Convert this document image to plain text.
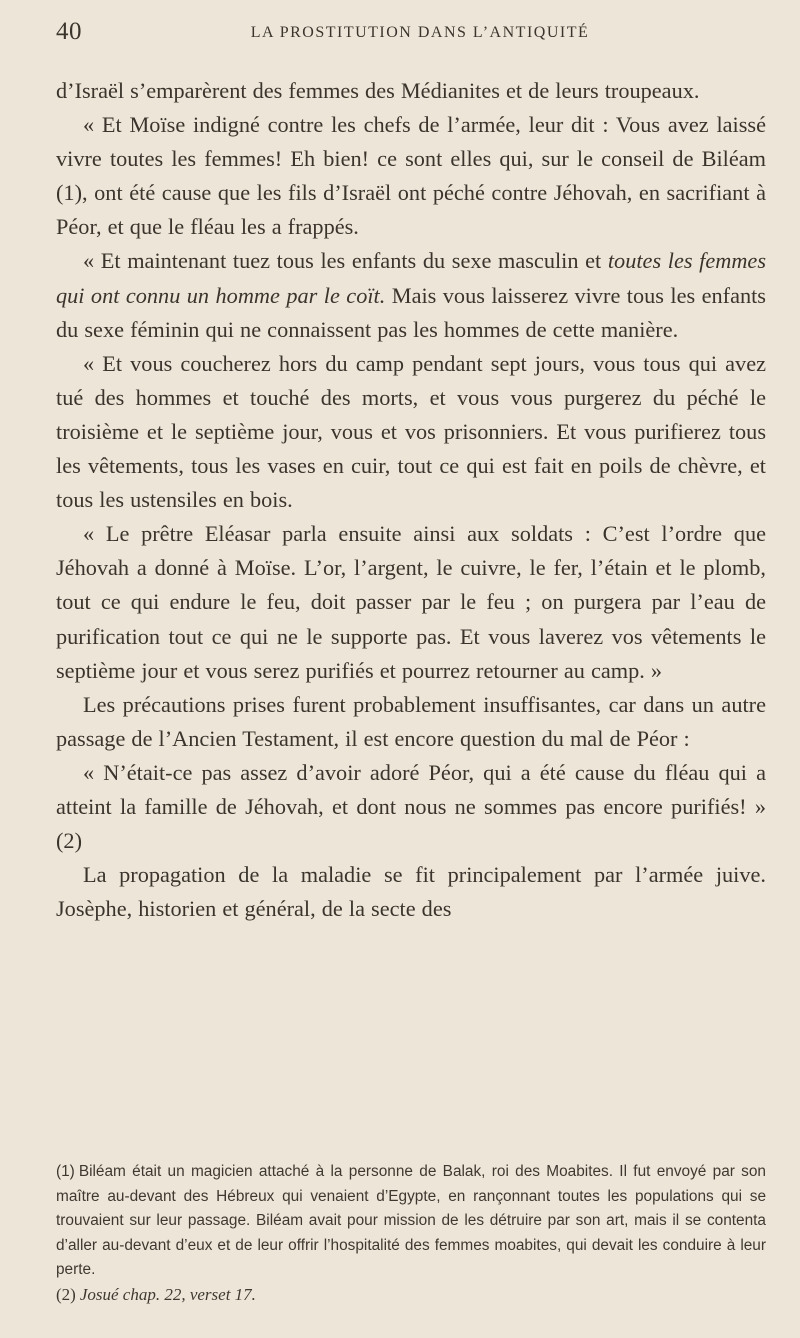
40	LA PROSTITUTION DANS L’ANTIQUITÉ

d’Israël s’emparèrent des femmes des Médianites et de leurs troupeaux.

« Et Moïse indigné contre les chefs de l’armée, leur dit : Vous avez laissé vivre toutes les femmes! Eh bien! ce sont elles qui, sur le conseil de Biléam (1), ont été cause que les fils d’Israël ont péché contre Jéhovah, en sacrifiant à Péor, et que le fléau les a frappés.

« Et maintenant tuez tous les enfants du sexe masculin et toutes les femmes qui ont connu un homme par le coït. Mais vous laisserez vivre tous les enfants du sexe féminin qui ne connaissent pas les hommes de cette manière.

« Et vous coucherez hors du camp pendant sept jours, vous tous qui avez tué des hommes et touché des morts, et vous vous purgerez du péché le troisième et le septième jour, vous et vos prisonniers. Et vous purifierez tous les vêtements, tous les vases en cuir, tout ce qui est fait en poils de chèvre, et tous les ustensiles en bois.

« Le prêtre Eléasar parla ensuite ainsi aux soldats : C’est l’ordre que Jéhovah a donné à Moïse. L’or, l’argent, le cuivre, le fer, l’étain et le plomb, tout ce qui endure le feu, doit passer par le feu ; on purgera par l’eau de purification tout ce qui ne le supporte pas. Et vous laverez vos vêtements le septième jour et vous serez purifiés et pourrez retourner au camp. »

Les précautions prises furent probablement insuffisantes, car dans un autre passage de l’Ancien Testament, il est encore question du mal de Péor :

« N’était-ce pas assez d’avoir adoré Péor, qui a été cause du fléau qui a atteint la famille de Jéhovah, et dont nous ne sommes pas encore purifiés! » (2)

La propagation de la maladie se fit principalement par l’armée juive. Josèphe, historien et général, de la secte des

(1) Biléam était un magicien attaché à la personne de Balak, roi des Moabites. Il fut envoyé par son maître au-devant des Hébreux qui venaient d’Egypte, en rançonnant toutes les populations qui se trouvaient sur leur passage. Biléam avait pour mission de les détruire par son art, mais il se contenta d’aller au-devant d’eux et de leur offrir l’hospitalité des femmes moabites, qui devait les conduire à leur perte.

(2) Josué chap. 22, verset 17.
